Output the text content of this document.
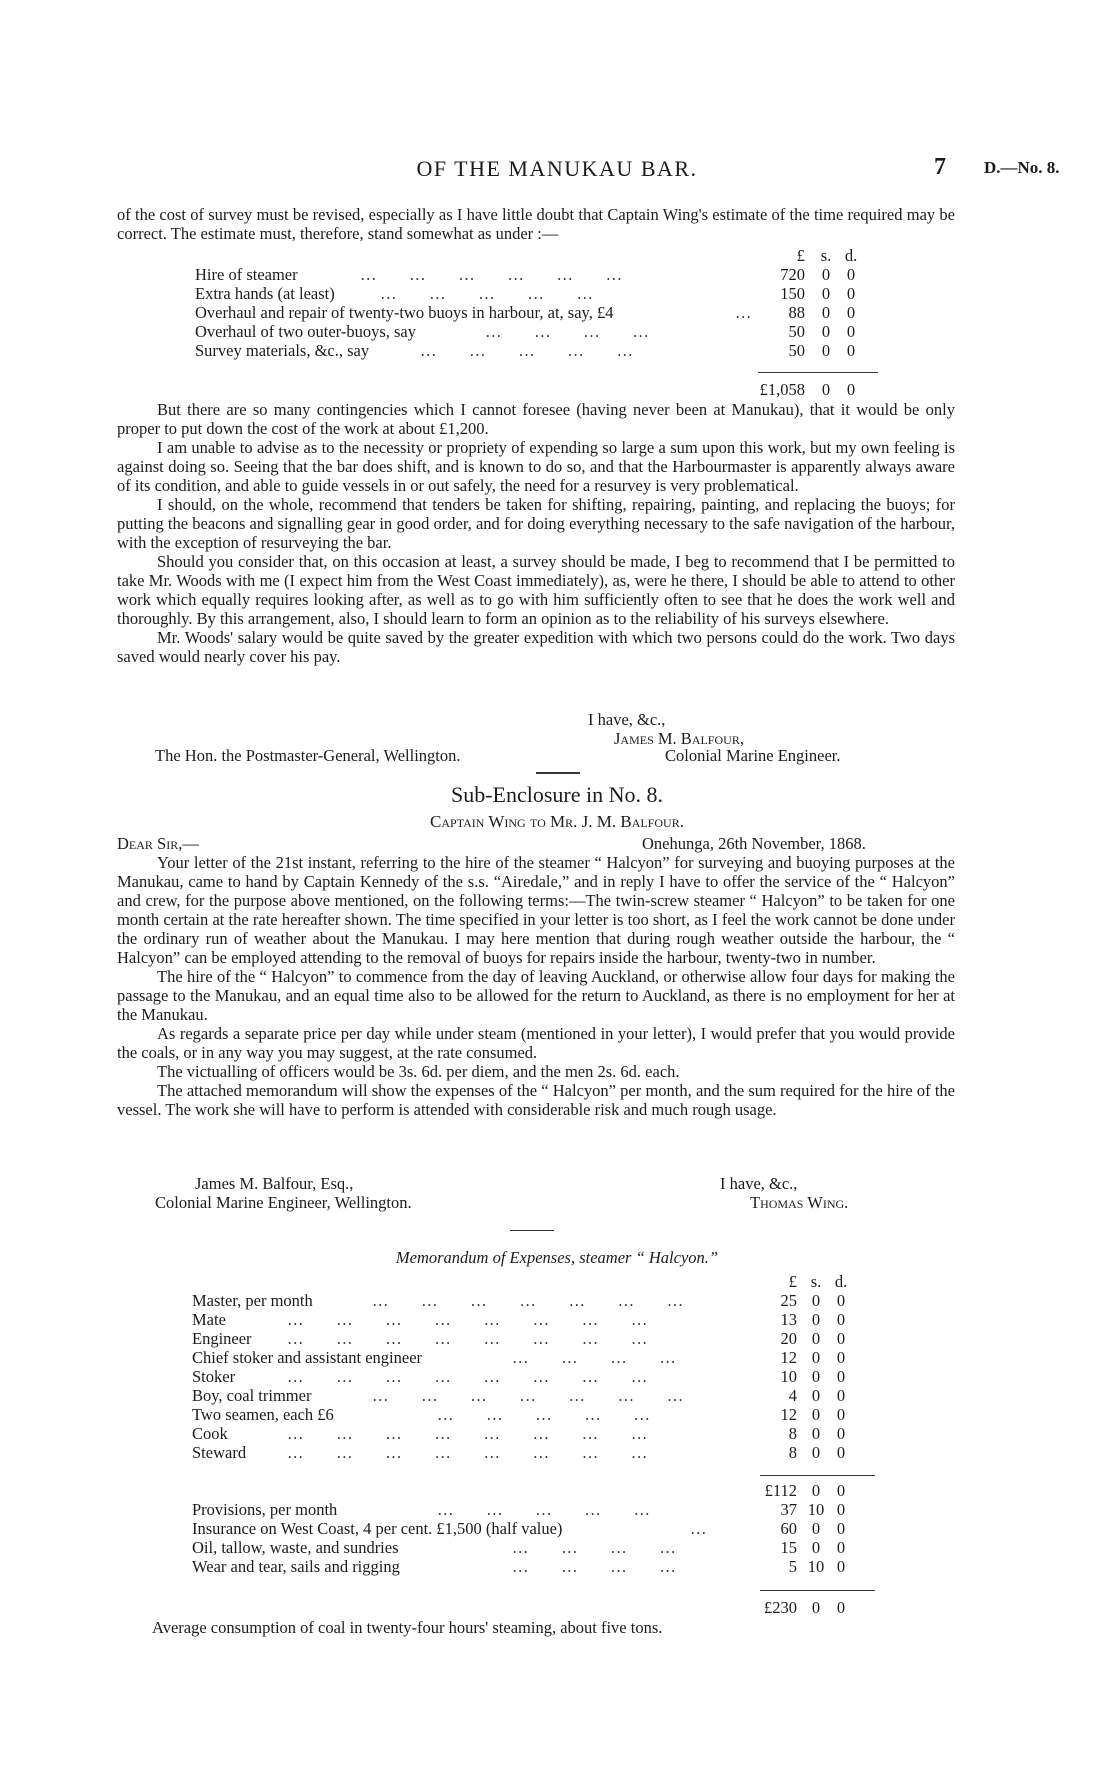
OF THE MANUKAU BAR.	7 D.—No. 8.

of the cost of survey must be revised, especially as I have little doubt that Captain Wing's estimate of the time required may be correct. The estimate must, therefore, stand somewhat as under :—

£ s. d.
Hire of steamer	…     …     …     …     …     …	720	0	0
Extra hands (at least)	…     …     …     …     …	150	0	0
Overhaul and repair of twenty-two buoys in harbour, at, say, £4	…	88	0	0
Overhaul of two outer-buoys, say	…     …     …     …	50	0	0
Survey materials, &c., say	…     …     …     …     …	50	0	0
£1,058	0	0

But there are so many contingencies which I cannot foresee (having never been at Manukau), that it would be only proper to put down the cost of the work at about £1,200.

I am unable to advise as to the necessity or propriety of expending so large a sum upon this work, but my own feeling is against doing so. Seeing that the bar does shift, and is known to do so, and that the Harbourmaster is apparently always aware of its condition, and able to guide vessels in or out safely, the need for a resurvey is very problematical.

I should, on the whole, recommend that tenders be taken for shifting, repairing, painting, and replacing the buoys; for putting the beacons and signalling gear in good order, and for doing everything necessary to the safe navigation of the harbour, with the exception of resurveying the bar.

Should you consider that, on this occasion at least, a survey should be made, I beg to recommend that I be permitted to take Mr. Woods with me (I expect him from the West Coast immediately), as, were he there, I should be able to attend to other work which equally requires looking after, as well as to go with him sufficiently often to see that he does the work well and thoroughly. By this arrangement, also, I should learn to form an opinion as to the reliability of his surveys elsewhere.

Mr. Woods' salary would be quite saved by the greater expedition with which two persons could do the work. Two days saved would nearly cover his pay.

I have, &c.,
James M. Balfour,
The Hon. the Postmaster-General, Wellington.	Colonial Marine Engineer.
Sub-Enclosure in No. 8.
Captain Wing to Mr. J. M. Balfour.
Dear Sir,—	Onehunga, 26th November, 1868.

Your letter of the 21st instant, referring to the hire of the steamer “ Halcyon” for surveying and buoying purposes at the Manukau, came to hand by Captain Kennedy of the s.s. “Airedale,” and in reply I have to offer the service of the “ Halcyon” and crew, for the purpose above mentioned, on the following terms:—The twin-screw steamer “ Halcyon” to be taken for one month certain at the rate hereafter shown. The time specified in your letter is too short, as I feel the work cannot be done under the ordinary run of weather about the Manukau. I may here mention that during rough weather outside the harbour, the “ Halcyon” can be employed attending to the removal of buoys for repairs inside the harbour, twenty-two in number.

The hire of the “ Halcyon” to commence from the day of leaving Auckland, or otherwise allow four days for making the passage to the Manukau, and an equal time also to be allowed for the return to Auckland, as there is no employment for her at the Manukau.

As regards a separate price per day while under steam (mentioned in your letter), I would prefer that you would provide the coals, or in any way you may suggest, at the rate consumed.

The victualling of officers would be 3s. 6d. per diem, and the men 2s. 6d. each.

The attached memorandum will show the expenses of the “ Halcyon” per month, and the sum required for the hire of the vessel. The work she will have to perform is attended with considerable risk and much rough usage.

James M. Balfour, Esq.,	I have, &c.,
Colonial Marine Engineer, Wellington.	Thomas Wing.
Memorandum of Expenses, steamer “ Halcyon.”
£ s. d.
Master, per month	…     …     …     …     …     …     …	25 0	0
Mate	…     …     …     …     …     …     …     …	13 0	0
Engineer …     …     …     …     …     …     …     …	20 0	0
Chief stoker and assistant engineer	…     …     …     …	12 0	0
Stoker	…     …     …     …     …     …     …     …	10 0	0
Boy, coal trimmer	…     …     …     …     …     …     …	4 0	0
Two seamen, each £6	…     …     …     …     …	12 0	0
Cook	…     …     …     …     …     …     …     …	8 0	0
Steward …     …     …     …     …     …     …     …	8 0	0
£112 0	0
Provisions, per month	…     …     …     …     …	37 10 0
Insurance on West Coast, 4 per cent. £1,500 (half value)	…	60 0	0
Oil, tallow, waste, and sundries	…     …     …     …	15 0	0
Wear and tear, sails and rigging	…     …     …     …	5 10 0
£230 0	0
Average consumption of coal in twenty-four hours' steaming, about five tons.
